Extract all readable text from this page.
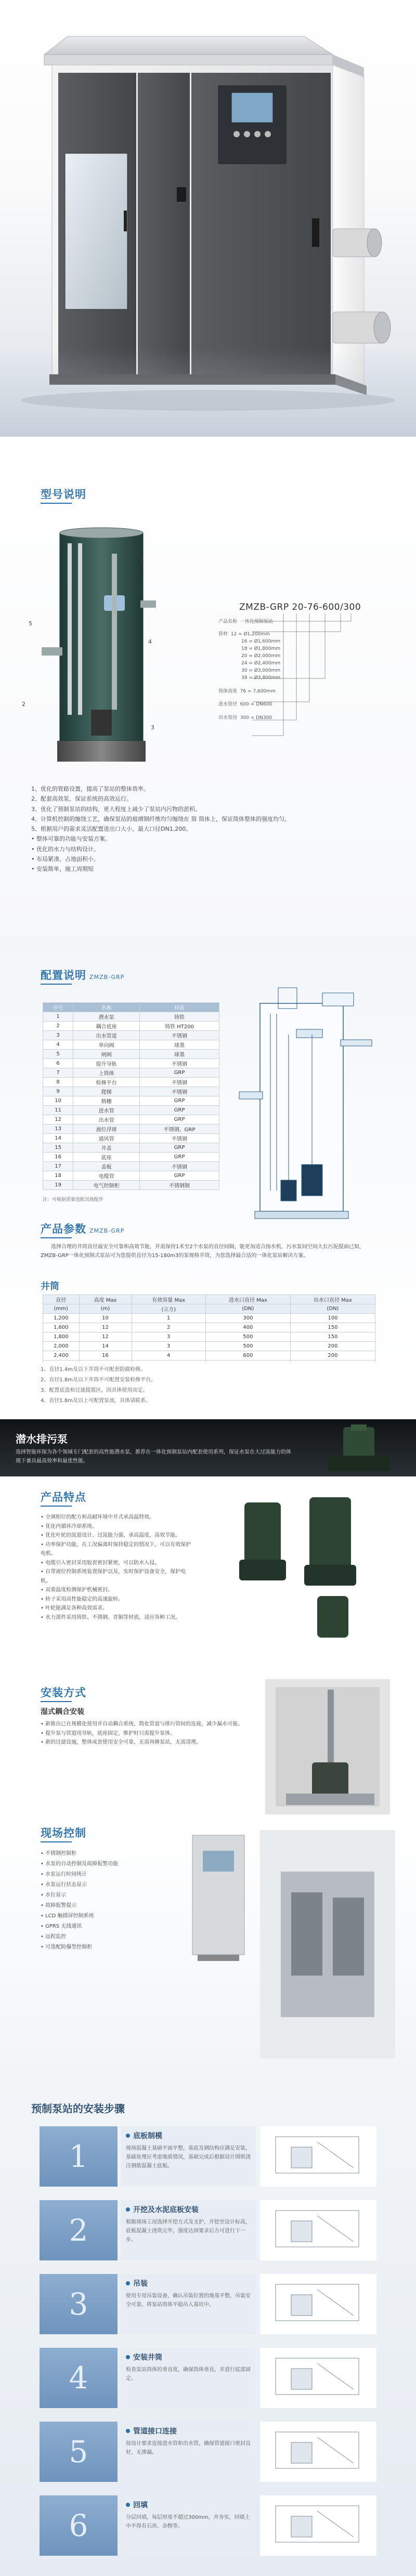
型号说明
1
2
3
4
5
ZMZB-GRP 20-76-600/300
产品名称 一体化预制泵站
管材 12 = Ø1,200mm
16 = Ø1,600mm
18 = Ø1,800mm
20 = Ø2,000mm
24 = Ø2,400mm
30 = Ø3,000mm
38 = Ø3,800mm
筒体高度 76 = 7,600mm
进水管径 600 = DN600
出水管径 300 = DN300
1、优化的管路设置，提高了泵站的整体效率。
2、配套高效泵，保证系统的高效运行。
3、优化了预制泵站的结构，更大程度上减少了泵站内污物的淤积。
4、计算机控制的缠绕工艺，确保泵站的玻璃钢纤维均匀缠绕在 筒 筒体上，保证筒体整体的强度均匀。
5、根据用户的需求灵活配置进出口大小，最大口径DN1,200。
• 整体可靠的功能与安装方案。
• 优化的水力与结构设计。
• 布局紧凑，占地面积小。
• 安装简单，施工周期短
配置说明 ZMZB-GRP
序号	名称	材质
1	潜水泵	铸铁
2	耦合底座	铸铁 HT200
3	出水管道	不锈钢
4	单向阀	球墨
5	闸阀	球墨
6	提升导轨	不锈钢
7	上筒体	GRP
8	检修平台	不锈钢
9	爬梯	不锈钢
10	格栅	GRP
11	进水管	GRP
12	出水管	GRP
13	液位浮球	不锈钢、GRP
14	通风管	不锈钢
15	井盖	GRP
16	底座	GRP
17	盖板	不锈钢
18	电缆管	GRP
19	电气控制柜	不锈钢制
注：可根据需要选配其他配件
产品参数 ZMZB-GRP
选择合理的井筒直径最安全可靠和高效节能，并需保持1米至2个水泵的直径间隔，能更加适合扬水机，污水泵间空间大长污泥提面已知，ZMZB-GRP一体化预制式泵站可为您提供直径为15-180m3的泵规格井筒，为您选择最合适的一体化泵站解决方案。
井筒
直径	高度 Max	有效容量 Max	进水口直径 Max	出水口直径 Max
(mm)	(m)	(立方)	(DN)	(DN)
1,200	10	1	300	100
1,600	12	2	400	150
1,800	12	3	500	150
2,000	14	3	500	200
2,400	16	4	600	200

1、直径1.4m及以下井筒不可配套防腐检修。
2、直径1.8m及以下井筒不可配置安装检修平台。
3、配置底盘和过滤提篮区，因具体使用而定。
4、直径1.8m及以上可配置泵池，具体请联系。
潜水排污泵
选择智能环保为各个领域专门配套的高性能潜水泵，推荐在一体化预制泵站内配套使用系列，保证水泵在大过流能力的体 现下兼具最高效率和最优性能。
产品特点
• 全调相位的配方和高耐环境中并式承高温特效。
• 优化内循环冷却系统。
• 优化叶轮的流道设计、过流能力强、承高温度，高效节能。
• 功率保护功能，在工况偏离时保持稳定的情况下，可以有效保护电机。
• 电缆引入密封采用胶套密封紧密，可以防水入侵。
• 自带液位控制系统装置保护以及，实时保护设备安全，保护电机。
• 双重温度检测保护机械密封。
• 转子采用高性能稳定的高速旋转。
• 叶轮能满足各种高效需求。
• 水力部件采用铸铁、不锈钢、青铜等材质，适应各种工况。
安装方式
湿式耦合安装
• 新推出已在规模化使用并自动耦合系统，简化管道与排污管间的连接，减少漏水可能。
• 提升泵与管道用导轨，底座固定，维护时只需提升泵体。
• 新的过滤设施，整体成套使用安全可靠，无需再修泵站，无需清理。
现场控制
• 不锈钢控制柜
• 水泵的自动控制及故障报警功能
• 水泵运行时间统计
• 水泵运行状态显示
• 水位显示
• 故障报警提示
• LCD 触摸屏控制系统
• GPRS 无线通讯
• 远程监控
• 可选配防爆型控制柜
预制泵站的安装步骤
1
底板制模
现场混凝土基础平面平整，基底及钢结构应满足安装，基础处理应考虑地质情况，基础完成后根据设计图纸浇注钢筋混凝土底板。
2
开挖及水泥底板安装
根据现场工况选择开挖方式及支护，开挖至设计标高，底板混凝土浇筑完毕，强度达到要求后方可进行下一步。
3
吊装
使用专用吊装设备，确认吊装位置的地基平整，吊装安全可靠。将泵站筒体平稳吊入基坑中。
4
安装井筒
检查泵站筒体的垂直度，确保筒体垂直，并进行底部固定。
5
管道接口连接
按设计要求连接进水管和出水管，确保管道接口密封良好，无渗漏。
6
回填
分层回填，每层厚度不超过300mm，并夯实，回填土中不得有石块、杂物等。
